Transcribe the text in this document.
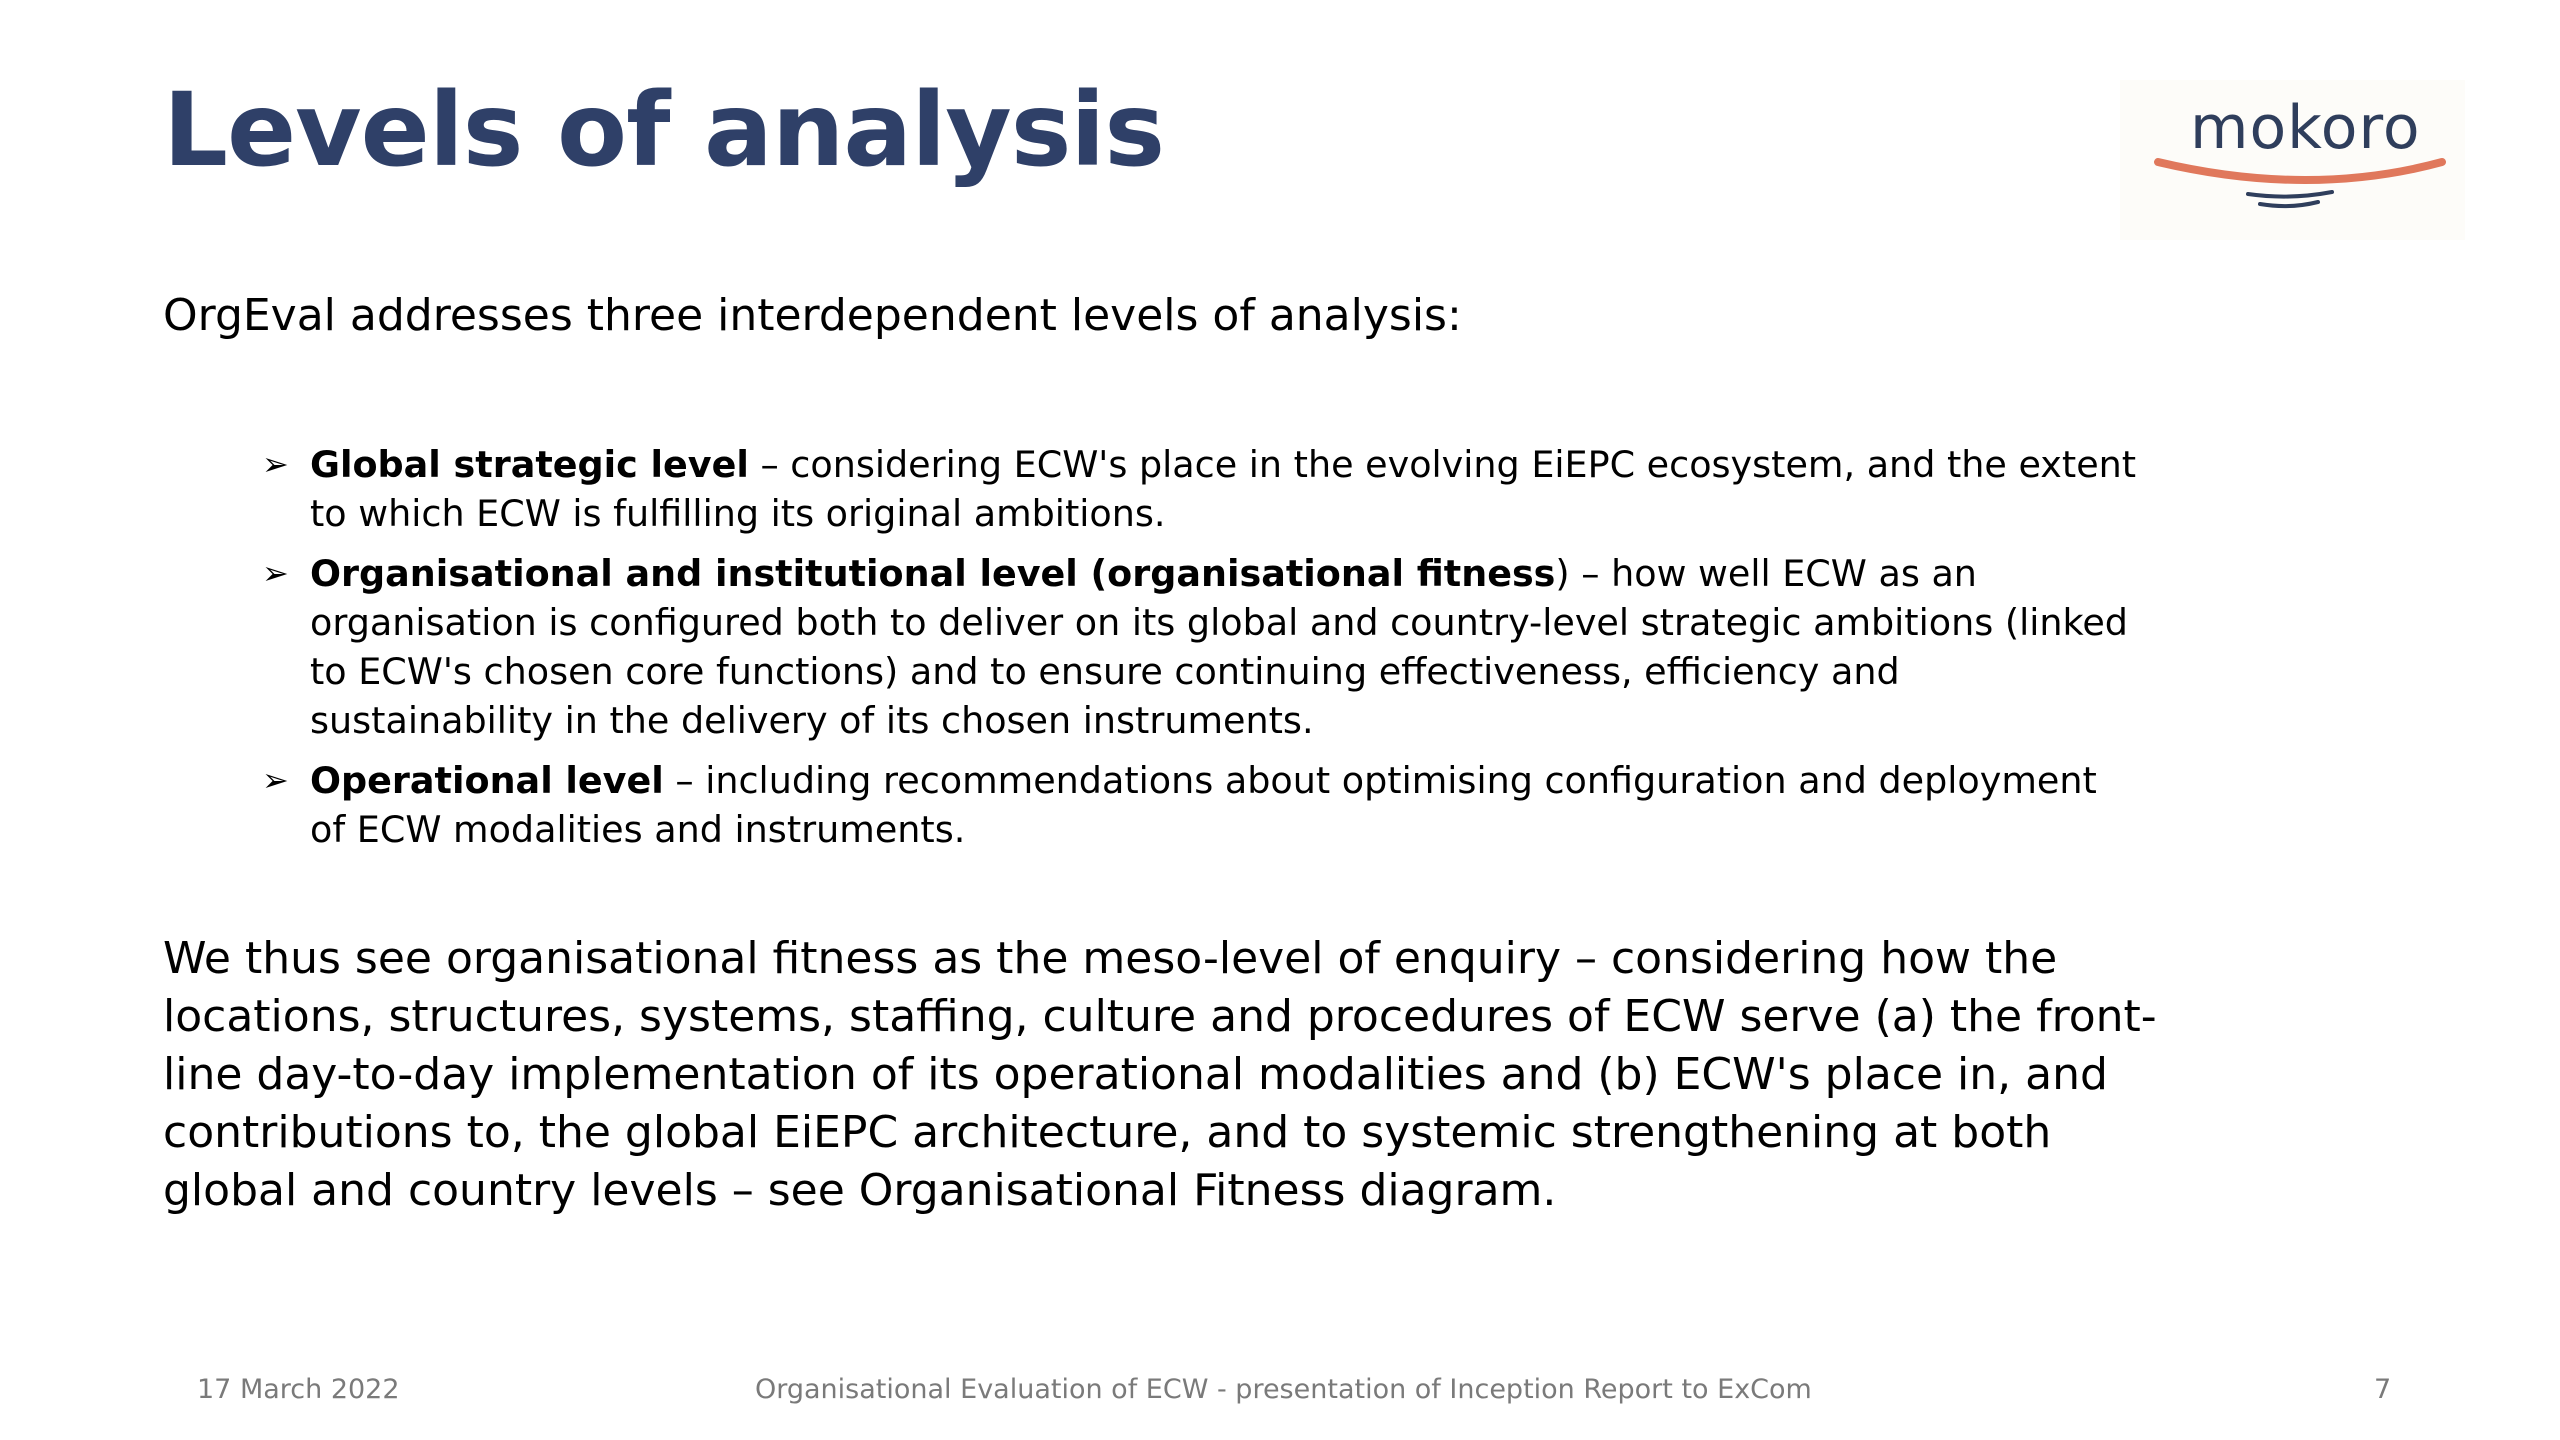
Levels of analysis	mokoro

OrgEval addresses three interdependent levels of analysis:

➢ Global strategic level – considering ECW's place in the evolving EiEPC ecosystem, and the extent to which ECW is fulfilling its original ambitions.
➢ Organisational and institutional level (organisational fitness) – how well ECW as an organisation is configured both to deliver on its global and country-level strategic ambitions (linked to ECW's chosen core functions) and to ensure continuing effectiveness, efficiency and sustainability in the delivery of its chosen instruments.
➢ Operational level – including recommendations about optimising configuration and deployment of ECW modalities and instruments.

We thus see organisational fitness as the meso-level of enquiry – considering how the locations, structures, systems, staffing, culture and procedures of ECW serve (a) the front-line day-to-day implementation of its operational modalities and (b) ECW's place in, and contributions to, the global EiEPC architecture, and to systemic strengthening at both global and country levels – see Organisational Fitness diagram.

17 March 2022	Organisational Evaluation of ECW - presentation of Inception Report to ExCom	7
